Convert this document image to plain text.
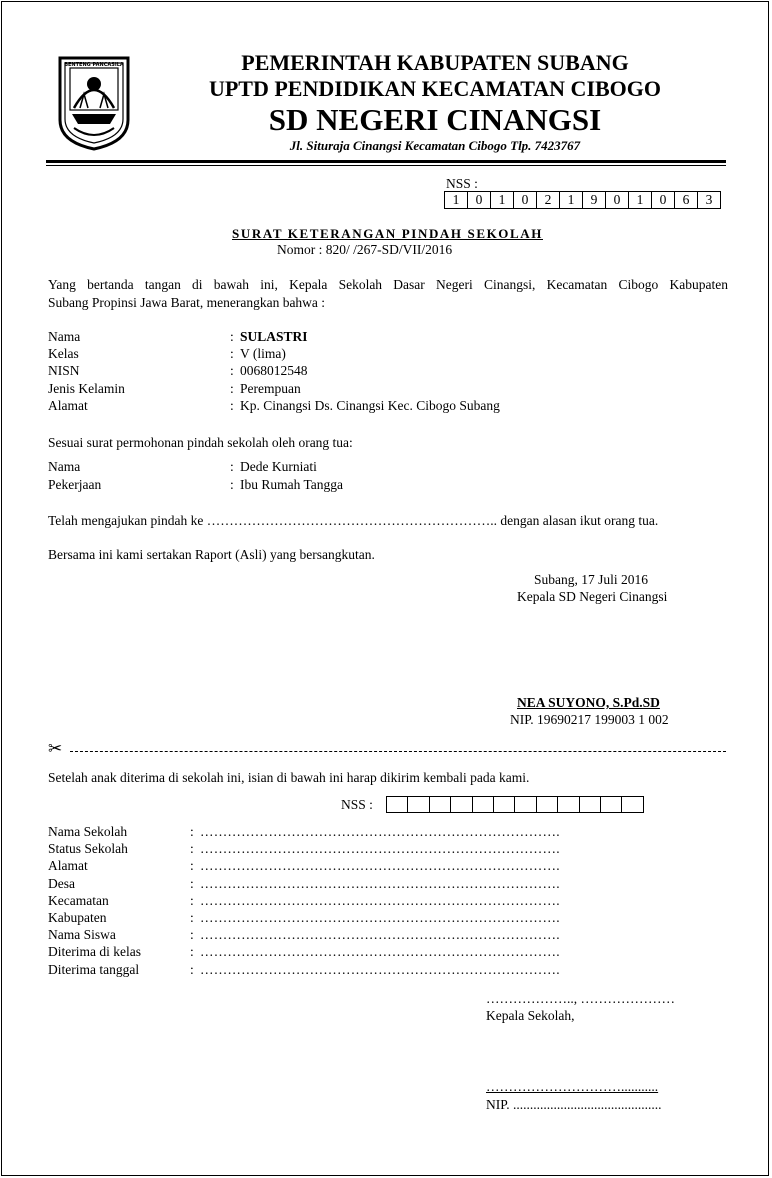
BENTENG PANCASILA	PEMERINTAH KABUPATEN SUBANG
UPTD PENDIDIKAN KECAMATAN CIBOGO
SD NEGERI CINANGSI
Jl. Situraja Cinangsi Kecamatan Cibogo Tlp. 7423767
NSS :
1	0	1	0	2	1	9	0	1	0	6	3
SURAT KETERANGAN PINDAH SEKOLAH
Nomor : 820/ /267-SD/VII/2016
Yang bertanda tangan di bawah ini, Kepala Sekolah Dasar Negeri Cinangsi, Kecamatan Cibogo Kabupaten
Subang Propinsi Jawa Barat, menerangkan bahwa :
Nama	: SULASTRI
Kelas	: V (lima)
NISN	: 0068012548
Jenis Kelamin	: Perempuan
Alamat	: Kp. Cinangsi Ds. Cinangsi Kec. Cibogo Subang
Sesuai surat permohonan pindah sekolah oleh orang tua:
Nama	: Dede Kurniati
Pekerjaan	: Ibu Rumah Tangga
Telah mengajukan pindah ke ……………………………………………………….. dengan alasan ikut orang tua.
Bersama ini kami sertakan Raport (Asli) yang bersangkutan.
Subang, 17 Juli 2016
Kepala SD Negeri Cinangsi
NEA SUYONO, S.Pd.SD
NIP. 19690217 199003 1 002
✂
Setelah anak diterima di sekolah ini, isian di bawah ini harap dikirim kembali pada kami.
NSS :
Nama Sekolah	: …………………………………………………………………….
Status Sekolah	: …………………………………………………………………….
Alamat	: …………………………………………………………………….
Desa	: …………………………………………………………………….
Kecamatan	: …………………………………………………………………….
Kabupaten	: …………………………………………………………………….
Nama Siswa	: …………………………………………………………………….
Diterima di kelas	: …………………………………………………………………….
Diterima tanggal	: …………………………………………………………………….
……………….., …………………
Kepala Sekolah,
…………………………...........
NIP. ............................................
